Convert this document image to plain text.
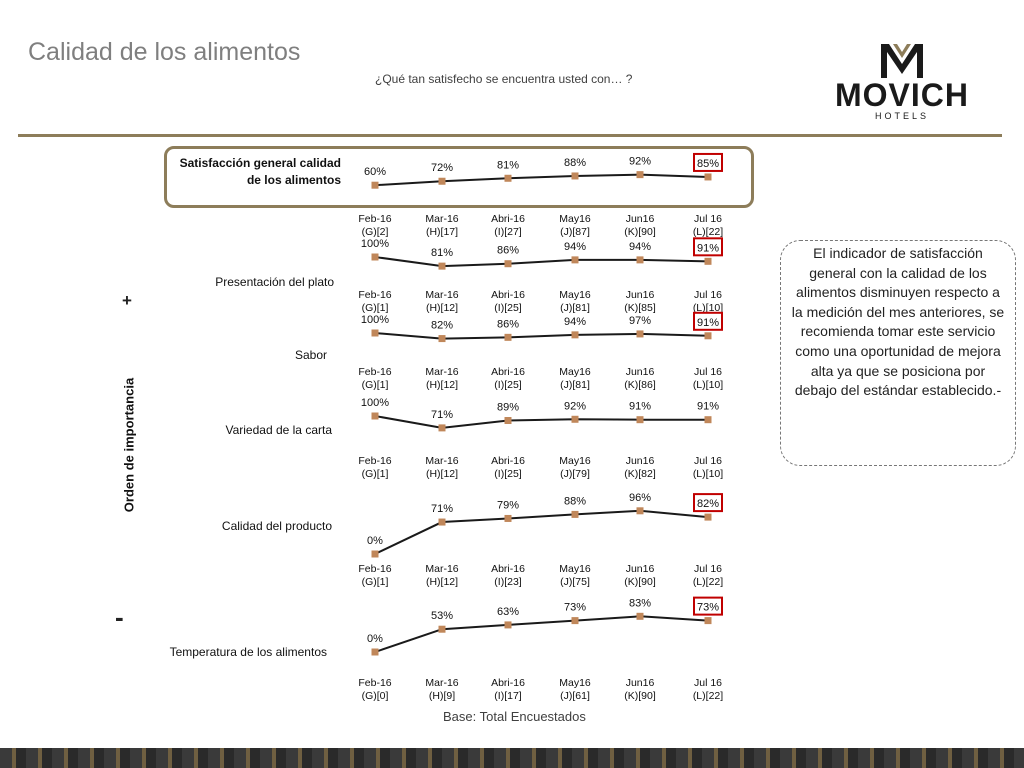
Calidad de los alimentos
¿Qué tan satisfecho se encuentra usted con… ?	MOVICH
HOTELS
Satisfacción general calidad de los alimentos
Presentación del plato
Sabor
Variedad de la carta
Calidad del producto
Temperatura de los alimentos
+
-
Orden de importancia
60%
Feb-16
(G)[2]
72%
Mar-16
(H)[17]
81%
Abri-16
(I)[27]
88%
May16
(J)[87]
92%
Jun16
(K)[90]
85%
Jul 16
(L)[22]
100%
Feb-16
(G)[1]
81%
Mar-16
(H)[12]
86%
Abri-16
(I)[25]
94%
May16
(J)[81]
94%
Jun16
(K)[85]
91%
Jul 16
(L)[10]
100%
Feb-16
(G)[1]
82%
Mar-16
(H)[12]
86%
Abri-16
(I)[25]
94%
May16
(J)[81]
97%
Jun16
(K)[86]
91%
Jul 16
(L)[10]
100%
Feb-16
(G)[1]
71%
Mar-16
(H)[12]
89%
Abri-16
(I)[25]
92%
May16
(J)[79]
91%
Jun16
(K)[82]
91%
Jul 16
(L)[10]
0%
Feb-16
(G)[1]
71%
Mar-16
(H)[12]
79%
Abri-16
(I)[23]
88%
May16
(J)[75]
96%
Jun16
(K)[90]
82%
Jul 16
(L)[22]
0%
Feb-16
(G)[0]
53%
Mar-16
(H)[9]
63%
Abri-16
(I)[17]
73%
May16
(J)[61]
83%
Jun16
(K)[90]
73%
Jul 16
(L)[22]
El indicador de satisfacción general con la calidad de los alimentos disminuyen respecto a la medición del mes anteriores, se recomienda tomar este servicio como una oportunidad de mejora alta ya que se posiciona por debajo del estándar establecido.-
Base: Total Encuestados
